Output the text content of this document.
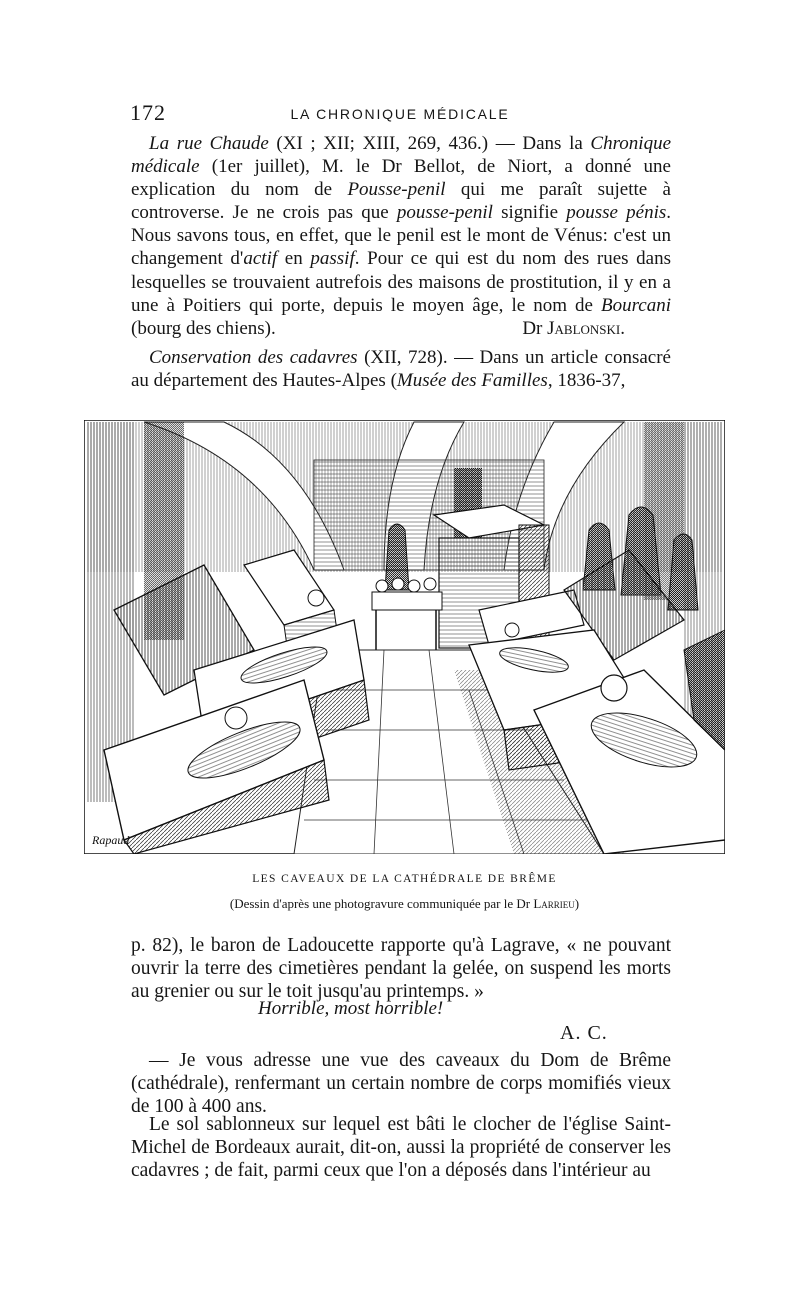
172	LA CHRONIQUE MÉDICALE

La rue Chaude (XI ; XII; XIII, 269, 436.) — Dans la Chronique médicale (1er juillet), M. le Dr Bellot, de Niort, a donné une explication du nom de Pousse-penil qui me paraît sujette à controverse. Je ne crois pas que pousse-penil signifie pousse pénis. Nous savons tous, en effet, que le penil est le mont de Vénus: c'est un changement d'actif en passif. Pour ce qui est du nom des rues dans lesquelles se trouvaient autrefois des maisons de prostitution, il y en a une à Poitiers qui porte, depuis le moyen âge, le nom de Bourcani (bourg des chiens).	Dr Jablonski.

Conservation des cadavres (XII, 728). — Dans un article consacré au département des Hautes-Alpes (Musée des Familles, 1836-37,

Rapaud
LES CAVEAUX DE LA CATHÉDRALE DE BRÊME
(Dessin d'après une photogravure communiquée par le Dr Larrieu)

p. 82), le baron de Ladoucette rapporte qu'à Lagrave, « ne pouvant ouvrir la terre des cimetières pendant la gelée, on suspend les morts au grenier ou sur le toit jusqu'au printemps. »

Horrible, most horrible!
A. C.

— Je vous adresse une vue des caveaux du Dom de Brême (cathédrale), renfermant un certain nombre de corps momifiés vieux de 100 à 400 ans.

Le sol sablonneux sur lequel est bâti le clocher de l'église Saint-Michel de Bordeaux aurait, dit-on, aussi la propriété de conserver les cadavres ; de fait, parmi ceux que l'on a déposés dans l'intérieur au
